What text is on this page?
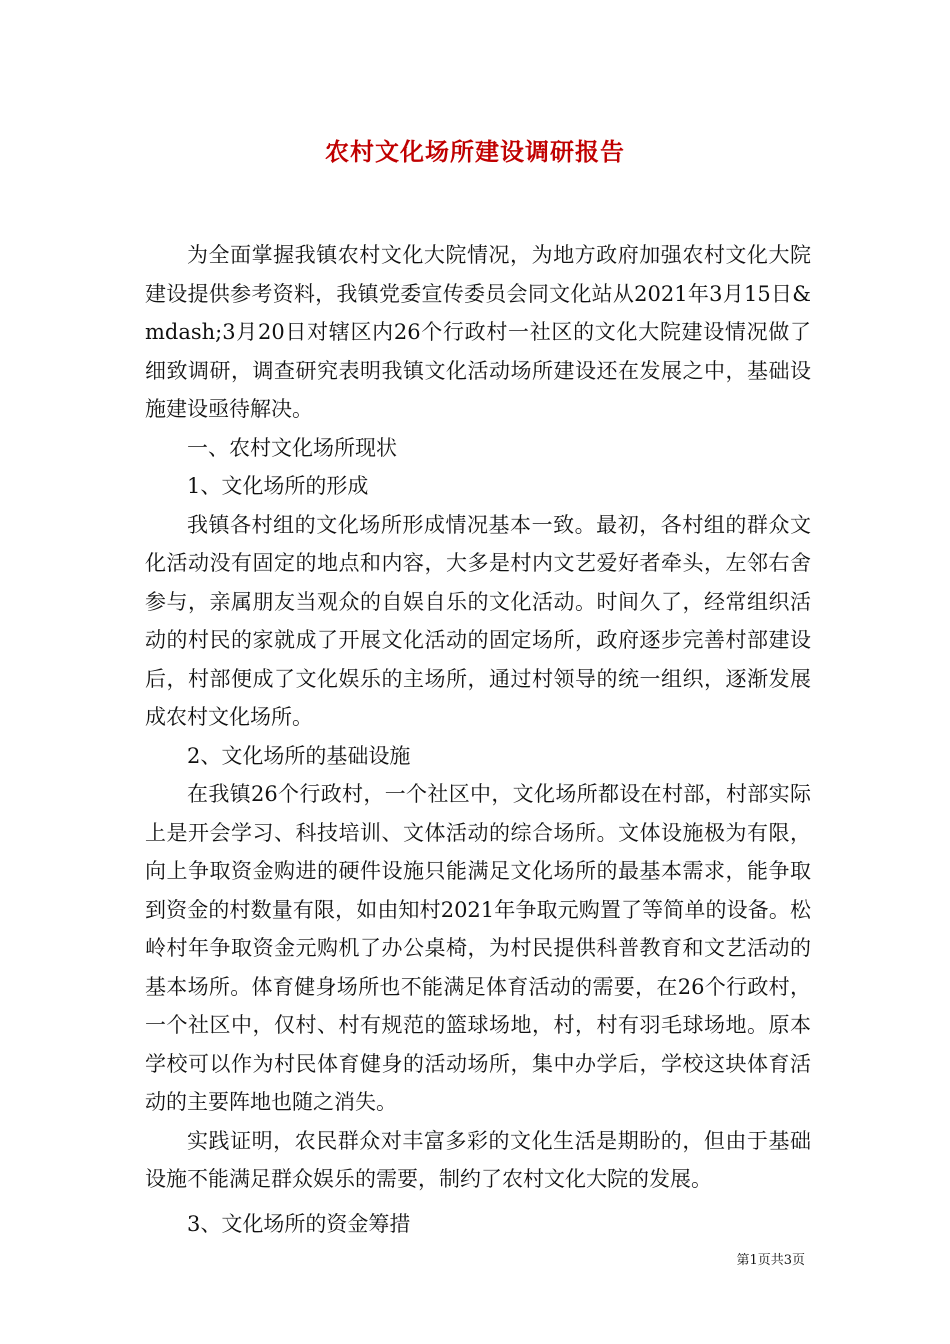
农村文化场所建设调研报告

为全面掌握我镇农村文化大院情况，为地方政府加强农村文化大院建设提供参考资料，我镇党委宣传委员会同文化站从2021年3月15日&mdash;3月20日对辖区内26个行政村一社区的文化大院建设情况做了细致调研，调查研究表明我镇文化活动场所建设还在发展之中，基础设施建设亟待解决。

一、农村文化场所现状

1、文化场所的形成

我镇各村组的文化场所形成情况基本一致。最初，各村组的群众文化活动没有固定的地点和内容，大多是村内文艺爱好者牵头，左邻右舍参与，亲属朋友当观众的自娱自乐的文化活动。时间久了，经常组织活动的村民的家就成了开展文化活动的固定场所，政府逐步完善村部建设后，村部便成了文化娱乐的主场所，通过村领导的统一组织，逐渐发展成农村文化场所。

2、文化场所的基础设施

在我镇26个行政村，一个社区中，文化场所都设在村部，村部实际上是开会学习、科技培训、文体活动的综合场所。文体设施极为有限，向上争取资金购进的硬件设施只能满足文化场所的最基本需求，能争取到资金的村数量有限，如由知村2021年争取元购置了等简单的设备。松岭村年争取资金元购机了办公桌椅，为村民提供科普教育和文艺活动的基本场所。体育健身场所也不能满足体育活动的需要，在26个行政村，一个社区中，仅村、村有规范的篮球场地，村，村有羽毛球场地。原本学校可以作为村民体育健身的活动场所，集中办学后，学校这块体育活动的主要阵地也随之消失。

实践证明，农民群众对丰富多彩的文化生活是期盼的，但由于基础设施不能满足群众娱乐的需要，制约了农村文化大院的发展。

3、文化场所的资金筹措

第1页共3页
